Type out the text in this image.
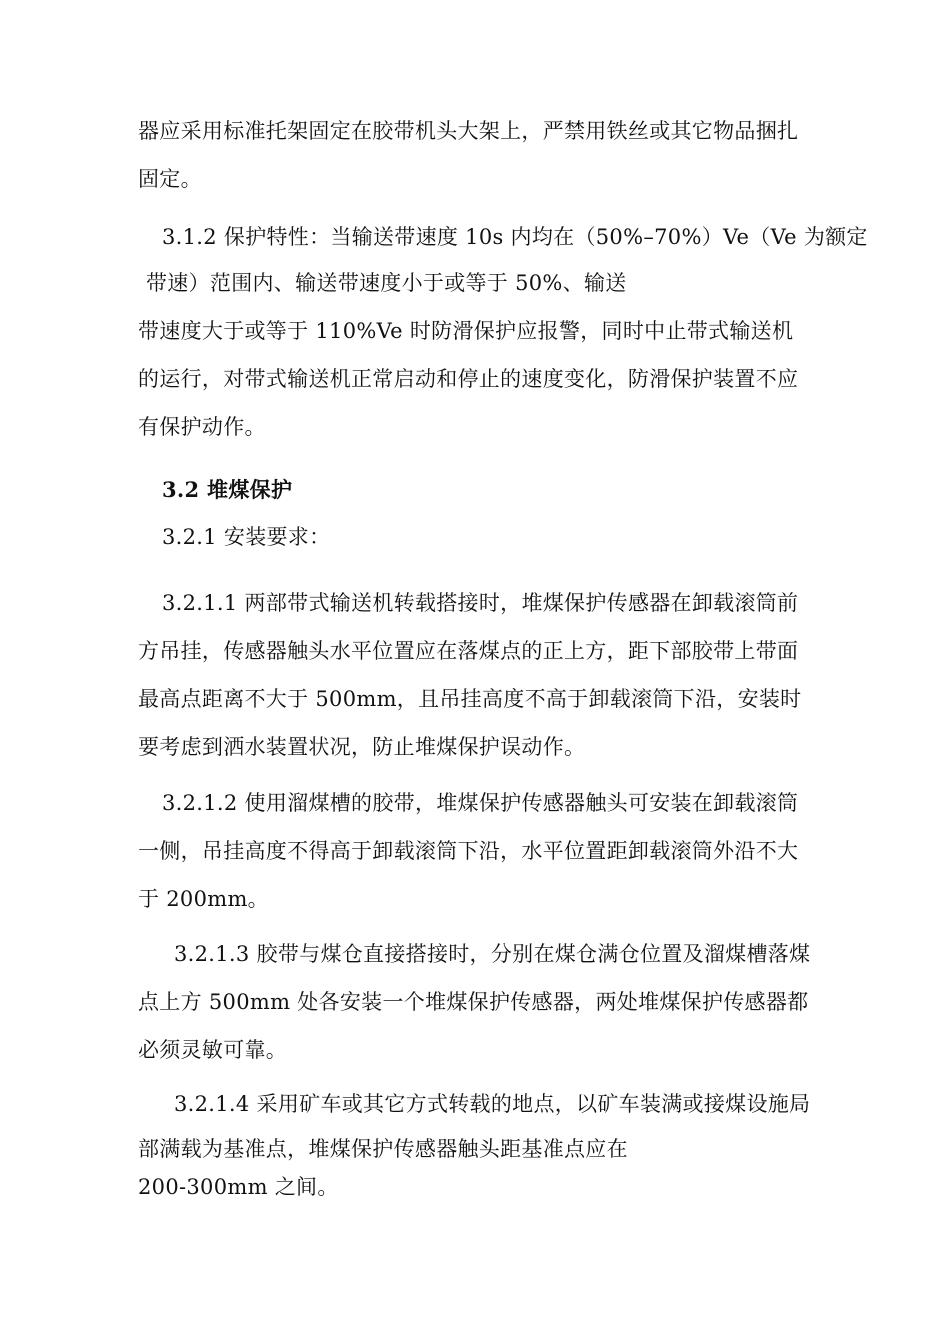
器应采用标准托架固定在胶带机头大架上，严禁用铁丝或其它物品捆扎
固定。
3.1.2 保护特性：当输送带速度 10s 内均在（50%–70%）Ve（Ve 为额定
带速）范围内、输送带速度小于或等于 50%、输送
带速度大于或等于 110%Ve 时防滑保护应报警，同时中止带式输送机
的运行，对带式输送机正常启动和停止的速度变化，防滑保护装置不应
有保护动作。
3.2 堆煤保护
3.2.1 安装要求：
3.2.1.1 两部带式输送机转载搭接时，堆煤保护传感器在卸载滚筒前
方吊挂，传感器触头水平位置应在落煤点的正上方，距下部胶带上带面
最高点距离不大于 500mm，且吊挂高度不高于卸载滚筒下沿，安装时
要考虑到洒水装置状况，防止堆煤保护误动作。
3.2.1.2 使用溜煤槽的胶带，堆煤保护传感器触头可安装在卸载滚筒
一侧，吊挂高度不得高于卸载滚筒下沿，水平位置距卸载滚筒外沿不大
于 200mm。
3.2.1.3 胶带与煤仓直接搭接时，分别在煤仓满仓位置及溜煤槽落煤
点上方 500mm 处各安装一个堆煤保护传感器，两处堆煤保护传感器都
必须灵敏可靠。
3.2.1.4 采用矿车或其它方式转载的地点，以矿车装满或接煤设施局
部满载为基准点，堆煤保护传感器触头距基准点应在
200-300mm 之间。
